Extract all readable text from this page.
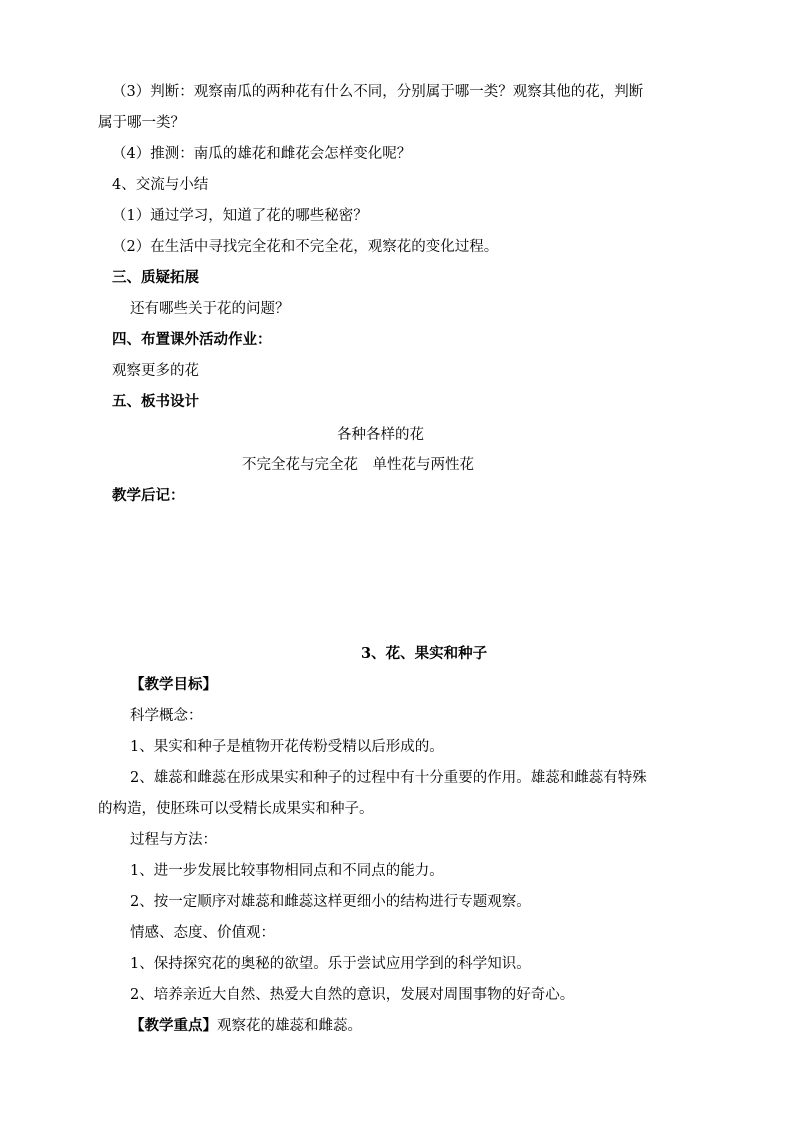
（3）判断：观察南瓜的两种花有什么不同，分别属于哪一类？观察其他的花，判断
属于哪一类？
（4）推测：南瓜的雄花和雌花会怎样变化呢？
4、交流与小结
（1）通过学习，知道了花的哪些秘密？
（2）在生活中寻找完全花和不完全花，观察花的变化过程。
三、质疑拓展
还有哪些关于花的问题？
四、布置课外活动作业：
观察更多的花
五、板书设计
各种各样的花
不完全花与完全花　单性花与两性花
教学后记：
3、花、果实和种子
【教学目标】
科学概念：
1、果实和种子是植物开花传粉受精以后形成的。
2、雄蕊和雌蕊在形成果实和种子的过程中有十分重要的作用。雄蕊和雌蕊有特殊
的构造，使胚珠可以受精长成果实和种子。
过程与方法：
1、进一步发展比较事物相同点和不同点的能力。
2、按一定顺序对雄蕊和雌蕊这样更细小的结构进行专题观察。
情感、态度、价值观：
1、保持探究花的奥秘的欲望。乐于尝试应用学到的科学知识。
2、培养亲近大自然、热爱大自然的意识，发展对周围事物的好奇心。
【教学重点】观察花的雄蕊和雌蕊。
